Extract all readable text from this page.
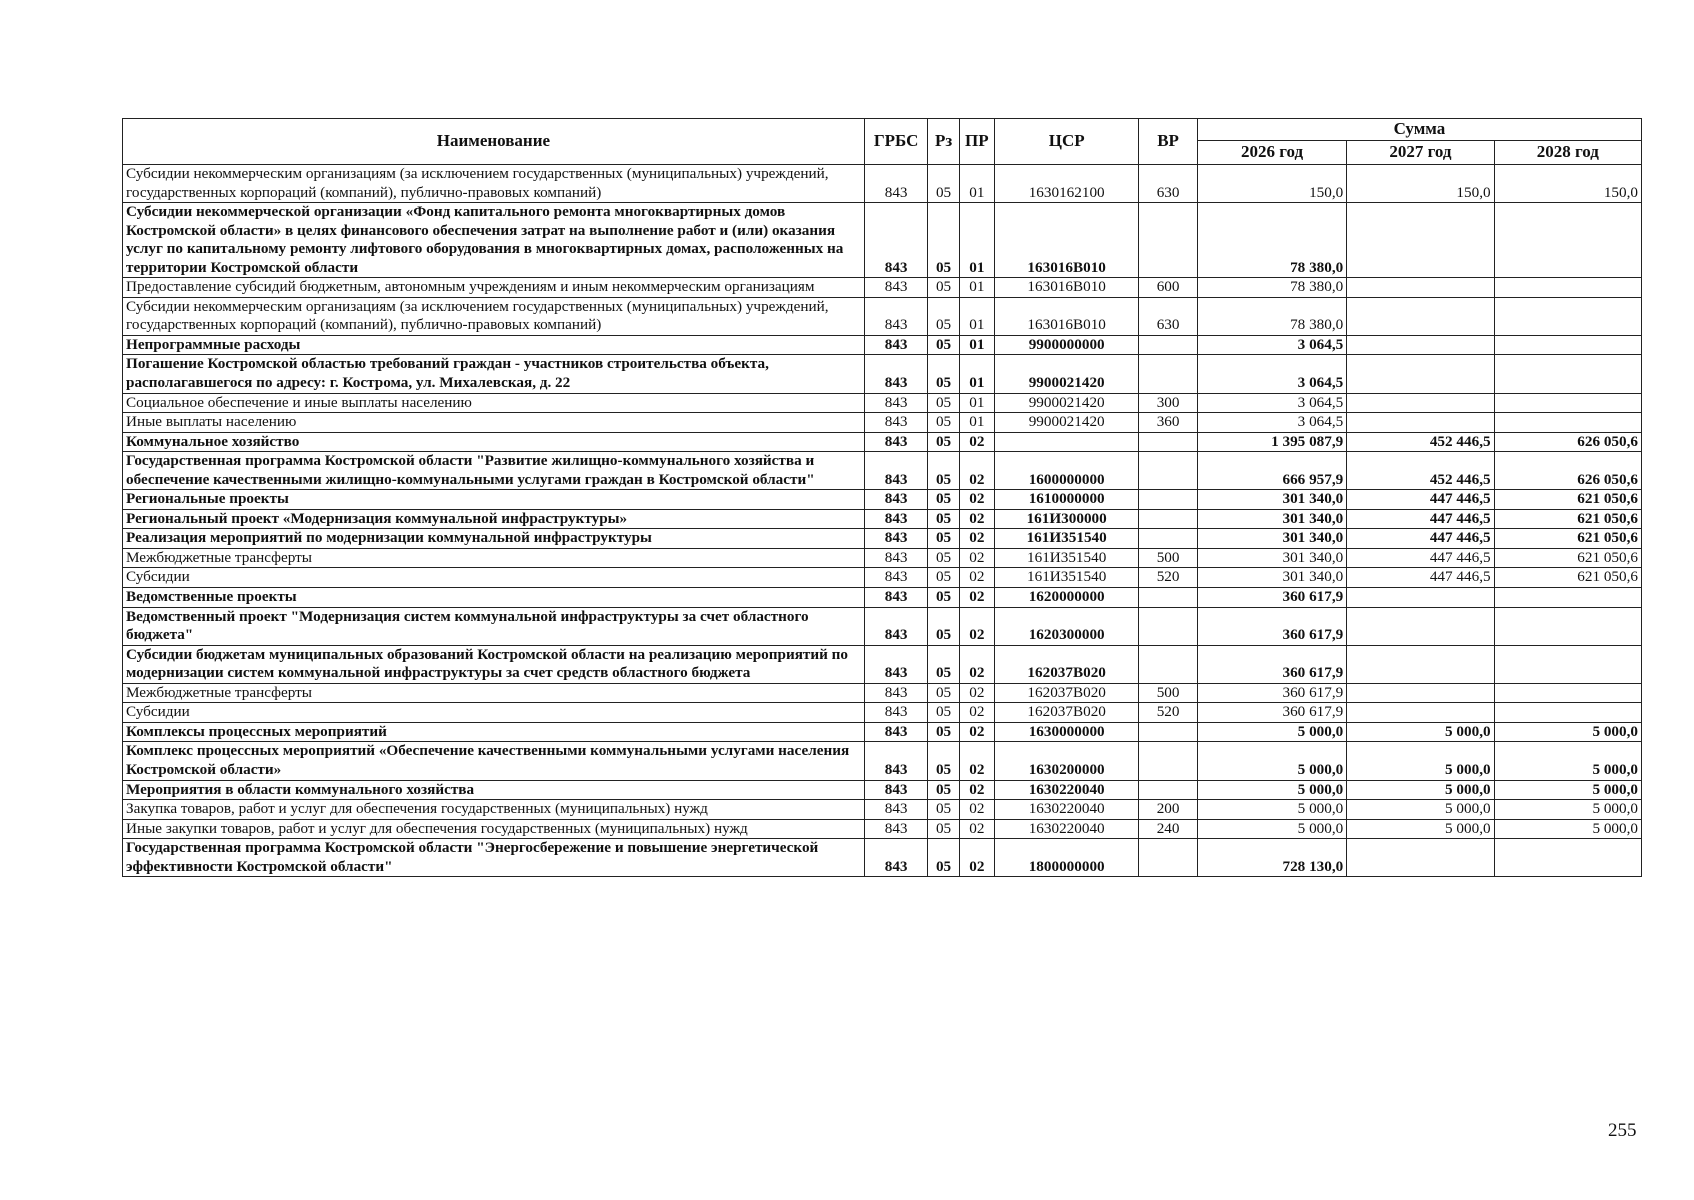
Наименование	ГРБС	Рз	ПР	ЦСР	ВР	Сумма		
						2026 год	2027 год	2028 год
Субсидии некоммерческим организациям (за исключением государственных (муниципальных) учреждений, государственных корпораций (компаний), публично-правовых компаний)	843	05	01	1630162100	630	150,0	150,0	150,0
Субсидии некоммерческой организации «Фонд капитального ремонта многоквартирных домов Костромской области» в целях финансового обеспечения затрат на выполнение работ и (или) оказания услуг по капитальному ремонту лифтового оборудования в многоквартирных домах, расположенных на территории Костромской области	843	05	01	163016В010		78 380,0		
Предоставление субсидий бюджетным, автономным учреждениям и иным некоммерческим организациям	843	05	01	163016В010	600	78 380,0		
Субсидии некоммерческим организациям (за исключением государственных (муниципальных) учреждений, государственных корпораций (компаний), публично-правовых компаний)	843	05	01	163016В010	630	78 380,0		
Непрограммные расходы	843	05	01	9900000000		3 064,5		
Погашение Костромской областью требований граждан - участников строительства объекта, располагавшегося по адресу: г. Кострома, ул. Михалевская, д. 22	843	05	01	9900021420		3 064,5		
Социальное обеспечение и иные выплаты населению	843	05	01	9900021420	300	3 064,5		
Иные выплаты населению	843	05	01	9900021420	360	3 064,5		
Коммунальное хозяйство	843	05	02			1 395 087,9	452 446,5	626 050,6
Государственная программа Костромской области "Развитие жилищно-коммунального хозяйства и обеспечение качественными жилищно-коммунальными услугами граждан в Костромской области"	843	05	02	1600000000		666 957,9	452 446,5	626 050,6
Региональные проекты	843	05	02	1610000000		301 340,0	447 446,5	621 050,6
Региональный проект «Модернизация коммунальной инфраструктуры»	843	05	02	161И300000		301 340,0	447 446,5	621 050,6
Реализация мероприятий по модернизации коммунальной инфраструктуры	843	05	02	161И351540		301 340,0	447 446,5	621 050,6
Межбюджетные трансферты	843	05	02	161И351540	500	301 340,0	447 446,5	621 050,6
Субсидии	843	05	02	161И351540	520	301 340,0	447 446,5	621 050,6
Ведомственные проекты	843	05	02	1620000000		360 617,9		
Ведомственный проект "Модернизация систем коммунальной инфраструктуры за счет областного бюджета"	843	05	02	1620300000		360 617,9		
Субсидии бюджетам муниципальных образований Костромской области на реализацию мероприятий по модернизации систем коммунальной инфраструктуры за счет средств областного бюджета	843	05	02	162037В020		360 617,9		
Межбюджетные трансферты	843	05	02	162037В020	500	360 617,9		
Субсидии	843	05	02	162037В020	520	360 617,9		
Комплексы процессных мероприятий	843	05	02	1630000000		5 000,0	5 000,0	5 000,0
Комплекс процессных мероприятий «Обеспечение качественными коммунальными услугами населения Костромской области»	843	05	02	1630200000		5 000,0	5 000,0	5 000,0
Мероприятия в области коммунального хозяйства	843	05	02	1630220040		5 000,0	5 000,0	5 000,0
Закупка товаров, работ и услуг для обеспечения государственных (муниципальных) нужд	843	05	02	1630220040	200	5 000,0	5 000,0	5 000,0
Иные закупки товаров, работ и услуг для обеспечения государственных (муниципальных) нужд	843	05	02	1630220040	240	5 000,0	5 000,0	5 000,0
Государственная программа Костромской области "Энергосбережение и повышение энергетической эффективности Костромской области"	843	05	02	1800000000		728 130,0		
255
